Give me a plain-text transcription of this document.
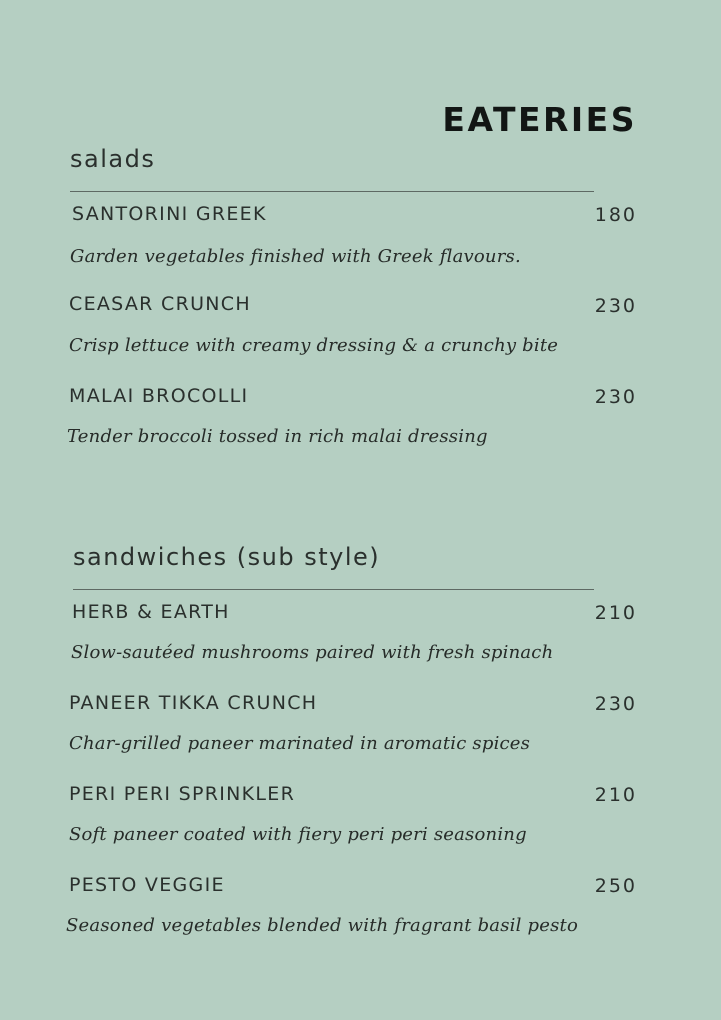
EATERIES
salads
SANTORINI GREEK	180
Garden vegetables finished with Greek flavours.
CEASAR CRUNCH	230
Crisp lettuce with creamy dressing & a crunchy bite
MALAI BROCOLLI	230
Tender broccoli tossed in rich malai dressing
sandwiches (sub style)
HERB & EARTH	210
Slow-sautéed mushrooms paired with fresh spinach
PANEER TIKKA CRUNCH	230
Char-grilled paneer marinated in aromatic spices
PERI PERI SPRINKLER	210
Soft paneer coated with fiery peri peri seasoning
PESTO VEGGIE	250
Seasoned vegetables blended with fragrant basil pesto
